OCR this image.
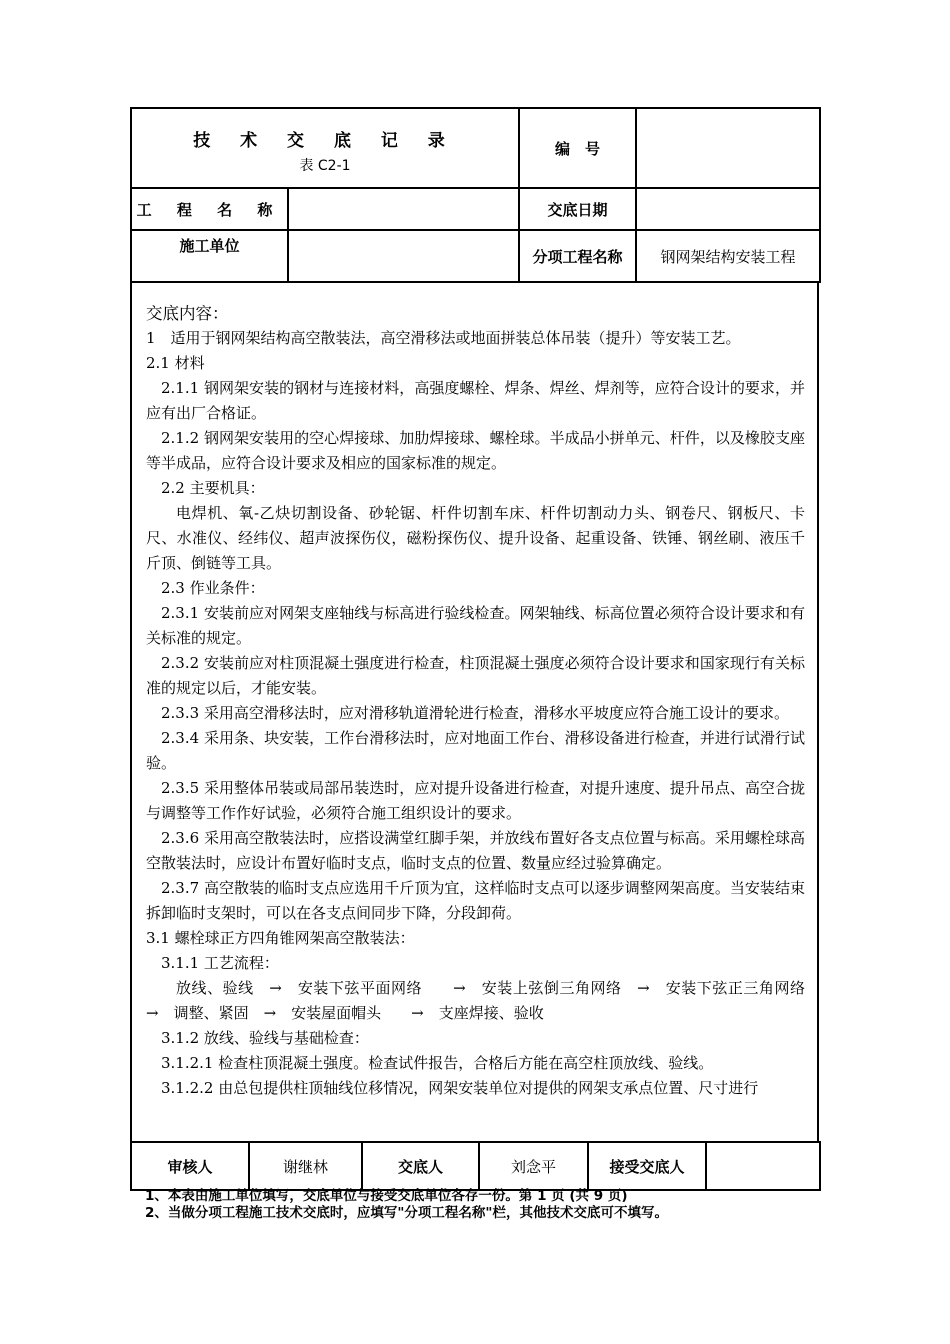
技 术 交 底 记 录
表 C2-1		编　号	
工 程 名 称		交底日期	
施工单位		分项工程名称	钢网架结构安装工程

交底内容：

1　适用于钢网架结构高空散装法，高空滑移法或地面拼装总体吊装（提升）等安装工艺。

2.1 材料

2.1.1 钢网架安装的钢材与连接材料，高强度螺栓、焊条、焊丝、焊剂等，应符合设计的要求，并应有出厂合格证。

2.1.2 钢网架安装用的空心焊接球、加肋焊接球、螺栓球。半成品小拼单元、杆件，以及橡胶支座等半成品，应符合设计要求及相应的国家标准的规定。

2.2 主要机具：

电焊机、氧-乙炔切割设备、砂轮锯、杆件切割车床、杆件切割动力头、钢卷尺、钢板尺、卡尺、水准仪、经纬仪、超声波探伤仪，磁粉探伤仪、提升设备、起重设备、铁锤、钢丝刷、液压千斤顶、倒链等工具。

2.3 作业条件：

2.3.1 安装前应对网架支座轴线与标高进行验线检查。网架轴线、标高位置必须符合设计要求和有关标准的规定。

2.3.2 安装前应对柱顶混凝土强度进行检查，柱顶混凝土强度必须符合设计要求和国家现行有关标准的规定以后，才能安装。

2.3.3 采用高空滑移法时，应对滑移轨道滑轮进行检查，滑移水平坡度应符合施工设计的要求。

2.3.4 采用条、块安装，工作台滑移法时，应对地面工作台、滑移设备进行检查，并进行试滑行试验。

2.3.5 采用整体吊装或局部吊装迭时，应对提升设备进行检查，对提升速度、提升吊点、高空合拢与调整等工作作好试验，必须符合施工组织设计的要求。

2.3.6 采用高空散装法时，应搭设满堂红脚手架，并放线布置好各支点位置与标高。采用螺栓球高空散装法时，应设计布置好临时支点，临时支点的位置、数量应经过验算确定。

2.3.7 高空散装的临时支点应选用千斤顶为宜，这样临时支点可以逐步调整网架高度。当安装结束拆卸临时支架时，可以在各支点间同步下降，分段卸荷。

3.1 螺栓球正方四角锥网架高空散装法：

3.1.1 工艺流程：

放线、验线　→　安装下弦平面网络　　→　安装上弦倒三角网络　→　安装下弦正三角网络　　→　调整、紧固　→　安装屋面帽头　　→　支座焊接、验收

3.1.2 放线、验线与基础检查：

3.1.2.1 检查柱顶混凝土强度。检查试件报告，合格后方能在高空柱顶放线、验线。

3.1.2.2 由总包提供柱顶轴线位移情况，网架安装单位对提供的网架支承点位置、尺寸进行

审核人	谢继林	交底人	刘念平	接受交底人	

1、本表由施工单位填写，交底单位与接受交底单位各存一份。第 1 页 (共 9 页)

2、当做分项工程施工技术交底时，应填写"分项工程名称"栏，其他技术交底可不填写。
